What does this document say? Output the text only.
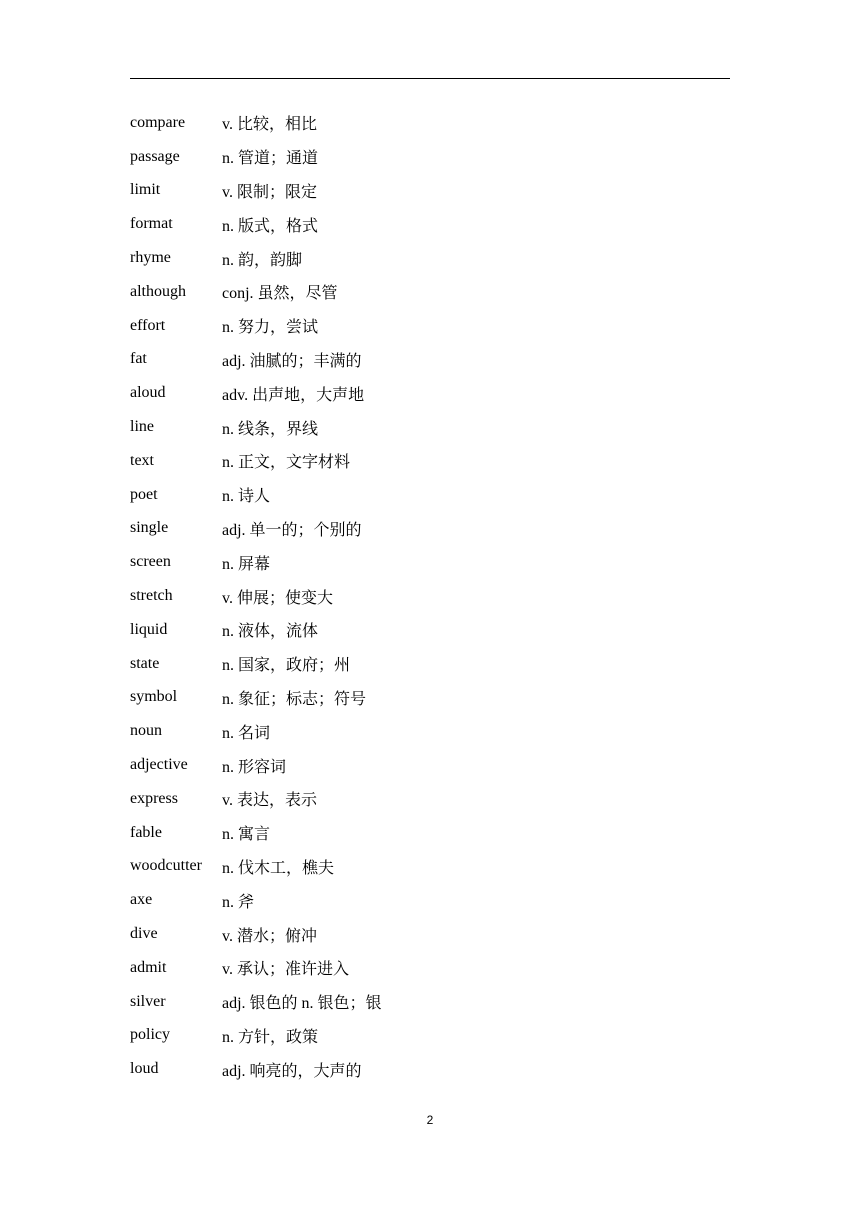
compare	v. 比较，相比
passage	n. 管道；通道
limit	v. 限制；限定
format	n. 版式，格式
rhyme	n. 韵，韵脚
although	conj. 虽然，尽管
effort	n. 努力，尝试
fat	adj. 油腻的；丰满的
aloud	adv. 出声地，大声地
line	n. 线条，界线
text	n. 正文，文字材料
poet	n. 诗人
single	adj. 单一的；个别的
screen	n. 屏幕
stretch	v. 伸展；使变大
liquid	n. 液体，流体
state	n. 国家，政府；州
symbol	n. 象征；标志；符号
noun	n. 名词
adjective	n. 形容词
express	v. 表达，表示
fable	n. 寓言
woodcutter	n. 伐木工，樵夫
axe	n. 斧
dive	v. 潜水；俯冲
admit	v. 承认；准许进入
silver	adj. 银色的 n. 银色；银
policy	n. 方针，政策
loud	adj. 响亮的，大声的
2
